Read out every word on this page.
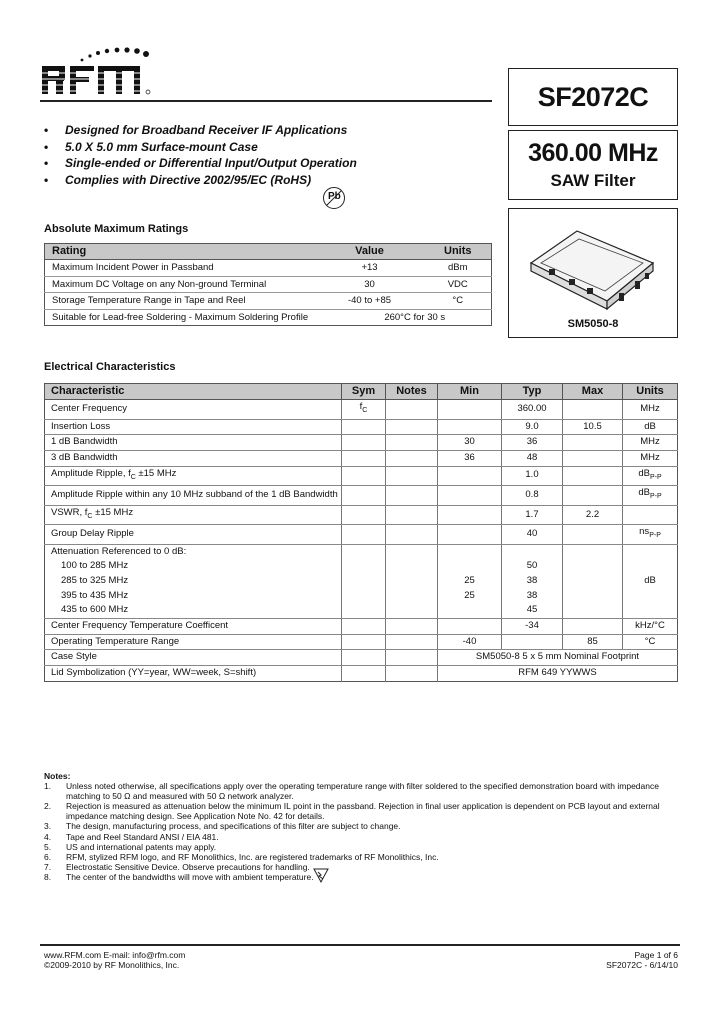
SF2072C
360.00 MHz
SAW Filter
SM5050-8
• Designed for Broadband Receiver IF Applications
• 5.0 X 5.0 mm Surface-mount Case
• Single-ended or Differential Input/Output Operation
• Complies with Directive 2002/95/EC (RoHS)
Pb
Absolute Maximum Ratings
Rating	Value	Units
Maximum Incident Power in Passband	+13	dBm
Maximum DC Voltage on any Non-ground Terminal	30	VDC
Storage Temperature Range in Tape and Reel	-40 to +85	°C
Suitable for Lead-free Soldering - Maximum Soldering Profile	260°C for 30 s	
Electrical Characteristics
Characteristic	Sym	Notes	Min	Typ	Max	Units
Center Frequency	$f_C$			360.00		MHz
Insertion Loss				9.0	10.5	dB
1 dB Bandwidth			30	36		MHz
3 dB Bandwidth			36	48		MHz
Amplitude Ripple, $f_C \pm 15$ MHz				1.0		$dB_{P-P}$
Amplitude Ripple within any 10 MHz subband of the 1 dB Bandwidth				0.8		$dB_{P-P}$
VSWR, $f_C \pm 15$ MHz				1.7	2.2	
Group Delay Ripple				40		$ns_{P-P}$
Attenuation Referenced to 0 dB:						dB
100 to 285 MHz				50		
285 to 325 MHz			25	38		
395 to 435 MHz			25	38		
435 to 600 MHz				45		
Center Frequency Temperature Coefficent				-34		kHz/°C
Operating Temperature Range			-40		85	°C
Case Style			SM5050-8 5 x 5 mm Nominal Footprint			
Lid Symbolization (YY=year, WW=week, S=shift)			RFM 649 YYWWS			
Notes:
1.	Unless noted otherwise, all specifications apply over the operating temperature range with filter soldered to the specified demonstration board with impedance matching to 50 Ω and measured with 50 Ω network analyzer.
2.	Rejection is measured as attenuation below the minimum IL point in the passband. Rejection in final user application is dependent on PCB layout and external impedance matching design. See Application Note No. 42 for details.
3.	The design, manufacturing process, and specifications of this filter are subject to change.
4.	Tape and Reel Standard ANSI / EIA 481.
5.	US and international patents may apply.
6.	RFM, stylized RFM logo, and RF Monolithics, Inc. are registered trademarks of RF Monolithics, Inc.
7.	Electrostatic Sensitive Device. Observe precautions for handling.
8.	The center of the bandwidths will move with ambient temperature.
www.RFM.com E-mail: info@rfm.com
©2009-2010 by RF Monolithics, Inc.
Page 1 of 6
SF2072C - 6/14/10
